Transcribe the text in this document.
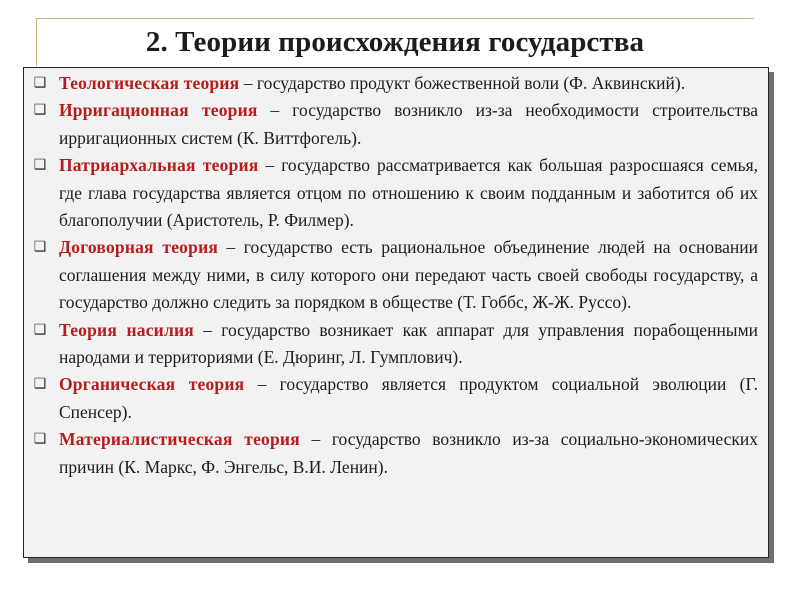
2. Теории происхождения государства
❑ Теологическая теория – государство продукт божественной воли (Ф. Аквинский).
❑ Ирригационная теория – государство возникло из-за необходимости строительства ирригационных систем (К. Виттфогель).
❑ Патриархальная теория – государство рассматривается как большая разросшаяся семья, где глава государства является отцом по отношению к своим подданным и заботится об их благополучии (Аристотель, Р. Филмер).
❑ Договорная теория – государство есть рациональное объединение людей на основании соглашения между ними, в силу которого они передают часть своей свободы государству, а государство должно следить за порядком в обществе (Т. Гоббс, Ж-Ж. Руссо).
❑ Теория насилия – государство возникает как аппарат для управления порабощенными народами и территориями (Е. Дюринг, Л. Гумплович).
❑ Органическая теория – государство является продуктом социальной эволюции (Г. Спенсер).
❑ Материалистическая теория – государство возникло из-за социально-экономических причин (К. Маркс, Ф. Энгельс, В.И. Ленин).
